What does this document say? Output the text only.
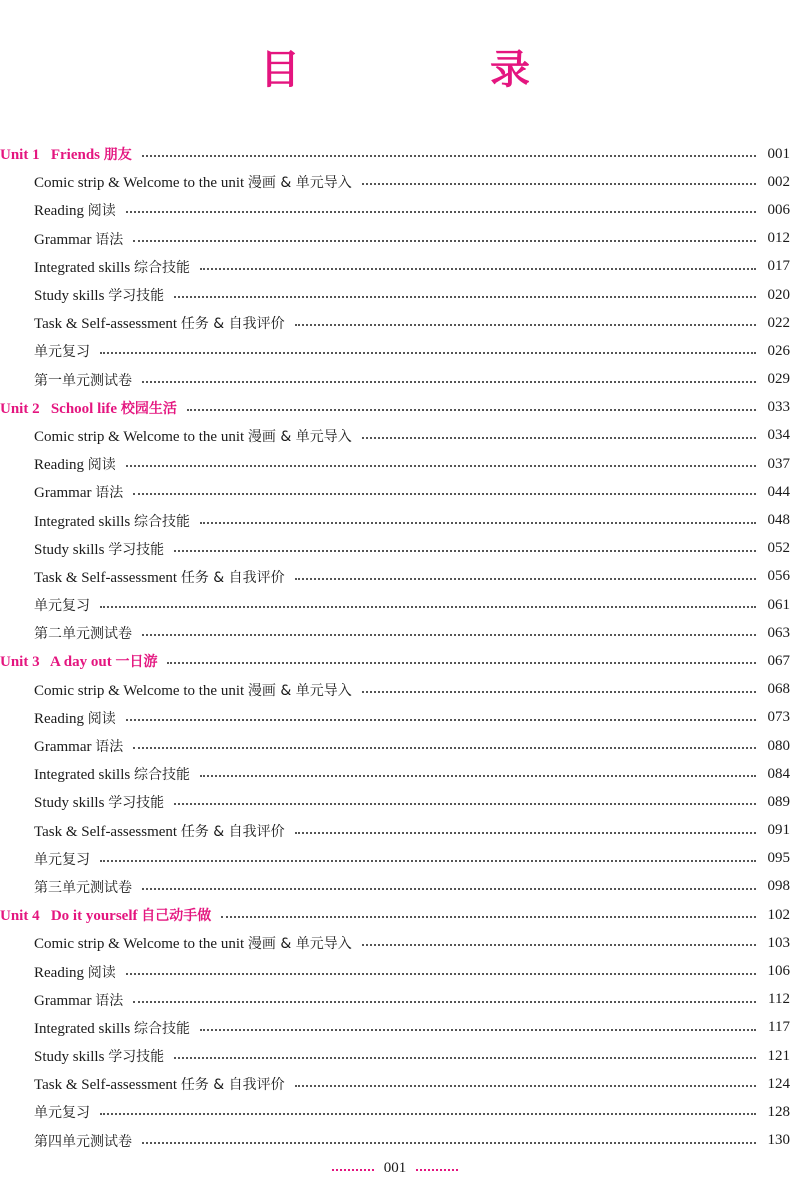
目 录
Unit 1   Friends 朋友	001
Comic strip & Welcome to the unit 漫画 & 单元导入	002
Reading 阅读	006
Grammar 语法	012
Integrated skills 综合技能	017
Study skills 学习技能	020
Task & Self-assessment 任务 & 自我评价	022
单元复习	026
第一单元测试卷	029
Unit 2   School life 校园生活	033
Comic strip & Welcome to the unit 漫画 & 单元导入	034
Reading 阅读	037
Grammar 语法	044
Integrated skills 综合技能	048
Study skills 学习技能	052
Task & Self-assessment 任务 & 自我评价	056
单元复习	061
第二单元测试卷	063
Unit 3   A day out 一日游	067
Comic strip & Welcome to the unit 漫画 & 单元导入	068
Reading 阅读	073
Grammar 语法	080
Integrated skills 综合技能	084
Study skills 学习技能	089
Task & Self-assessment 任务 & 自我评价	091
单元复习	095
第三单元测试卷	098
Unit 4   Do it yourself 自己动手做	102
Comic strip & Welcome to the unit 漫画 & 单元导入	103
Reading 阅读	106
Grammar 语法	112
Integrated skills 综合技能	117
Study skills 学习技能	121
Task & Self-assessment 任务 & 自我评价	124
单元复习	128
第四单元测试卷	130
001
